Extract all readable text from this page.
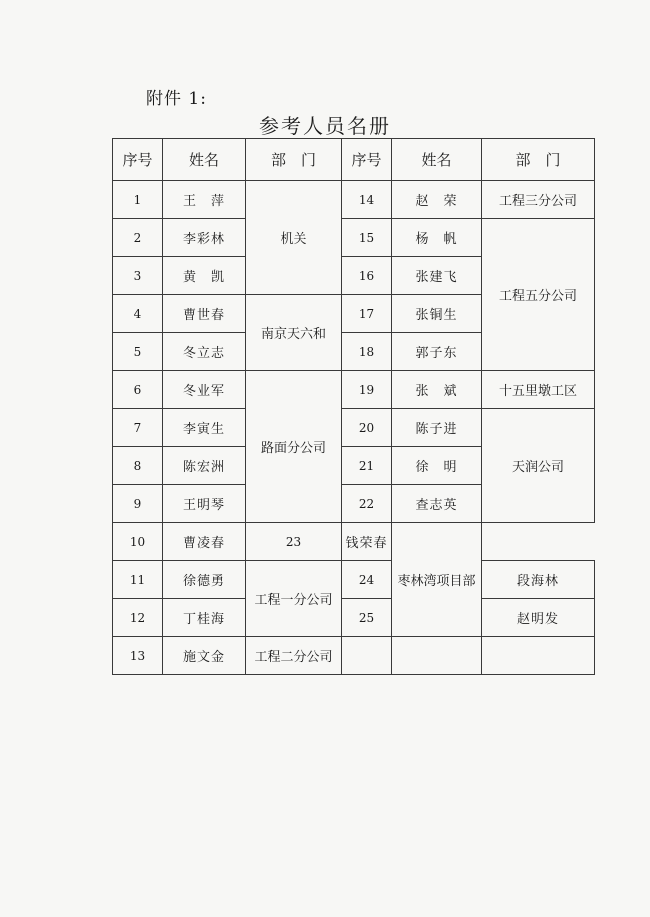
附件 1:
参考人员名册
序号	姓名	部　门	序号	姓名	部　门
1	王　萍	机关	14	赵　荣	工程三分公司
2	李彩林		15	杨　帆	工程五分公司
3	黄　凯		16	张建飞	
4	曹世春	南京天六和	17	张铜生	
5	冬立志		18	郭子东	
6	冬业军	路面分公司	19	张　斌	十五里墩工区
7	李寅生		20	陈子进	天润公司
8	陈宏洲		21	徐　明	
9	王明琴		22	查志英	
10	曹凌春	23	钱荣春	枣林湾项目部	
11	徐德勇	工程一分公司	24		段海林
12	丁桂海		25		赵明发
13	施文金	工程二分公司			
